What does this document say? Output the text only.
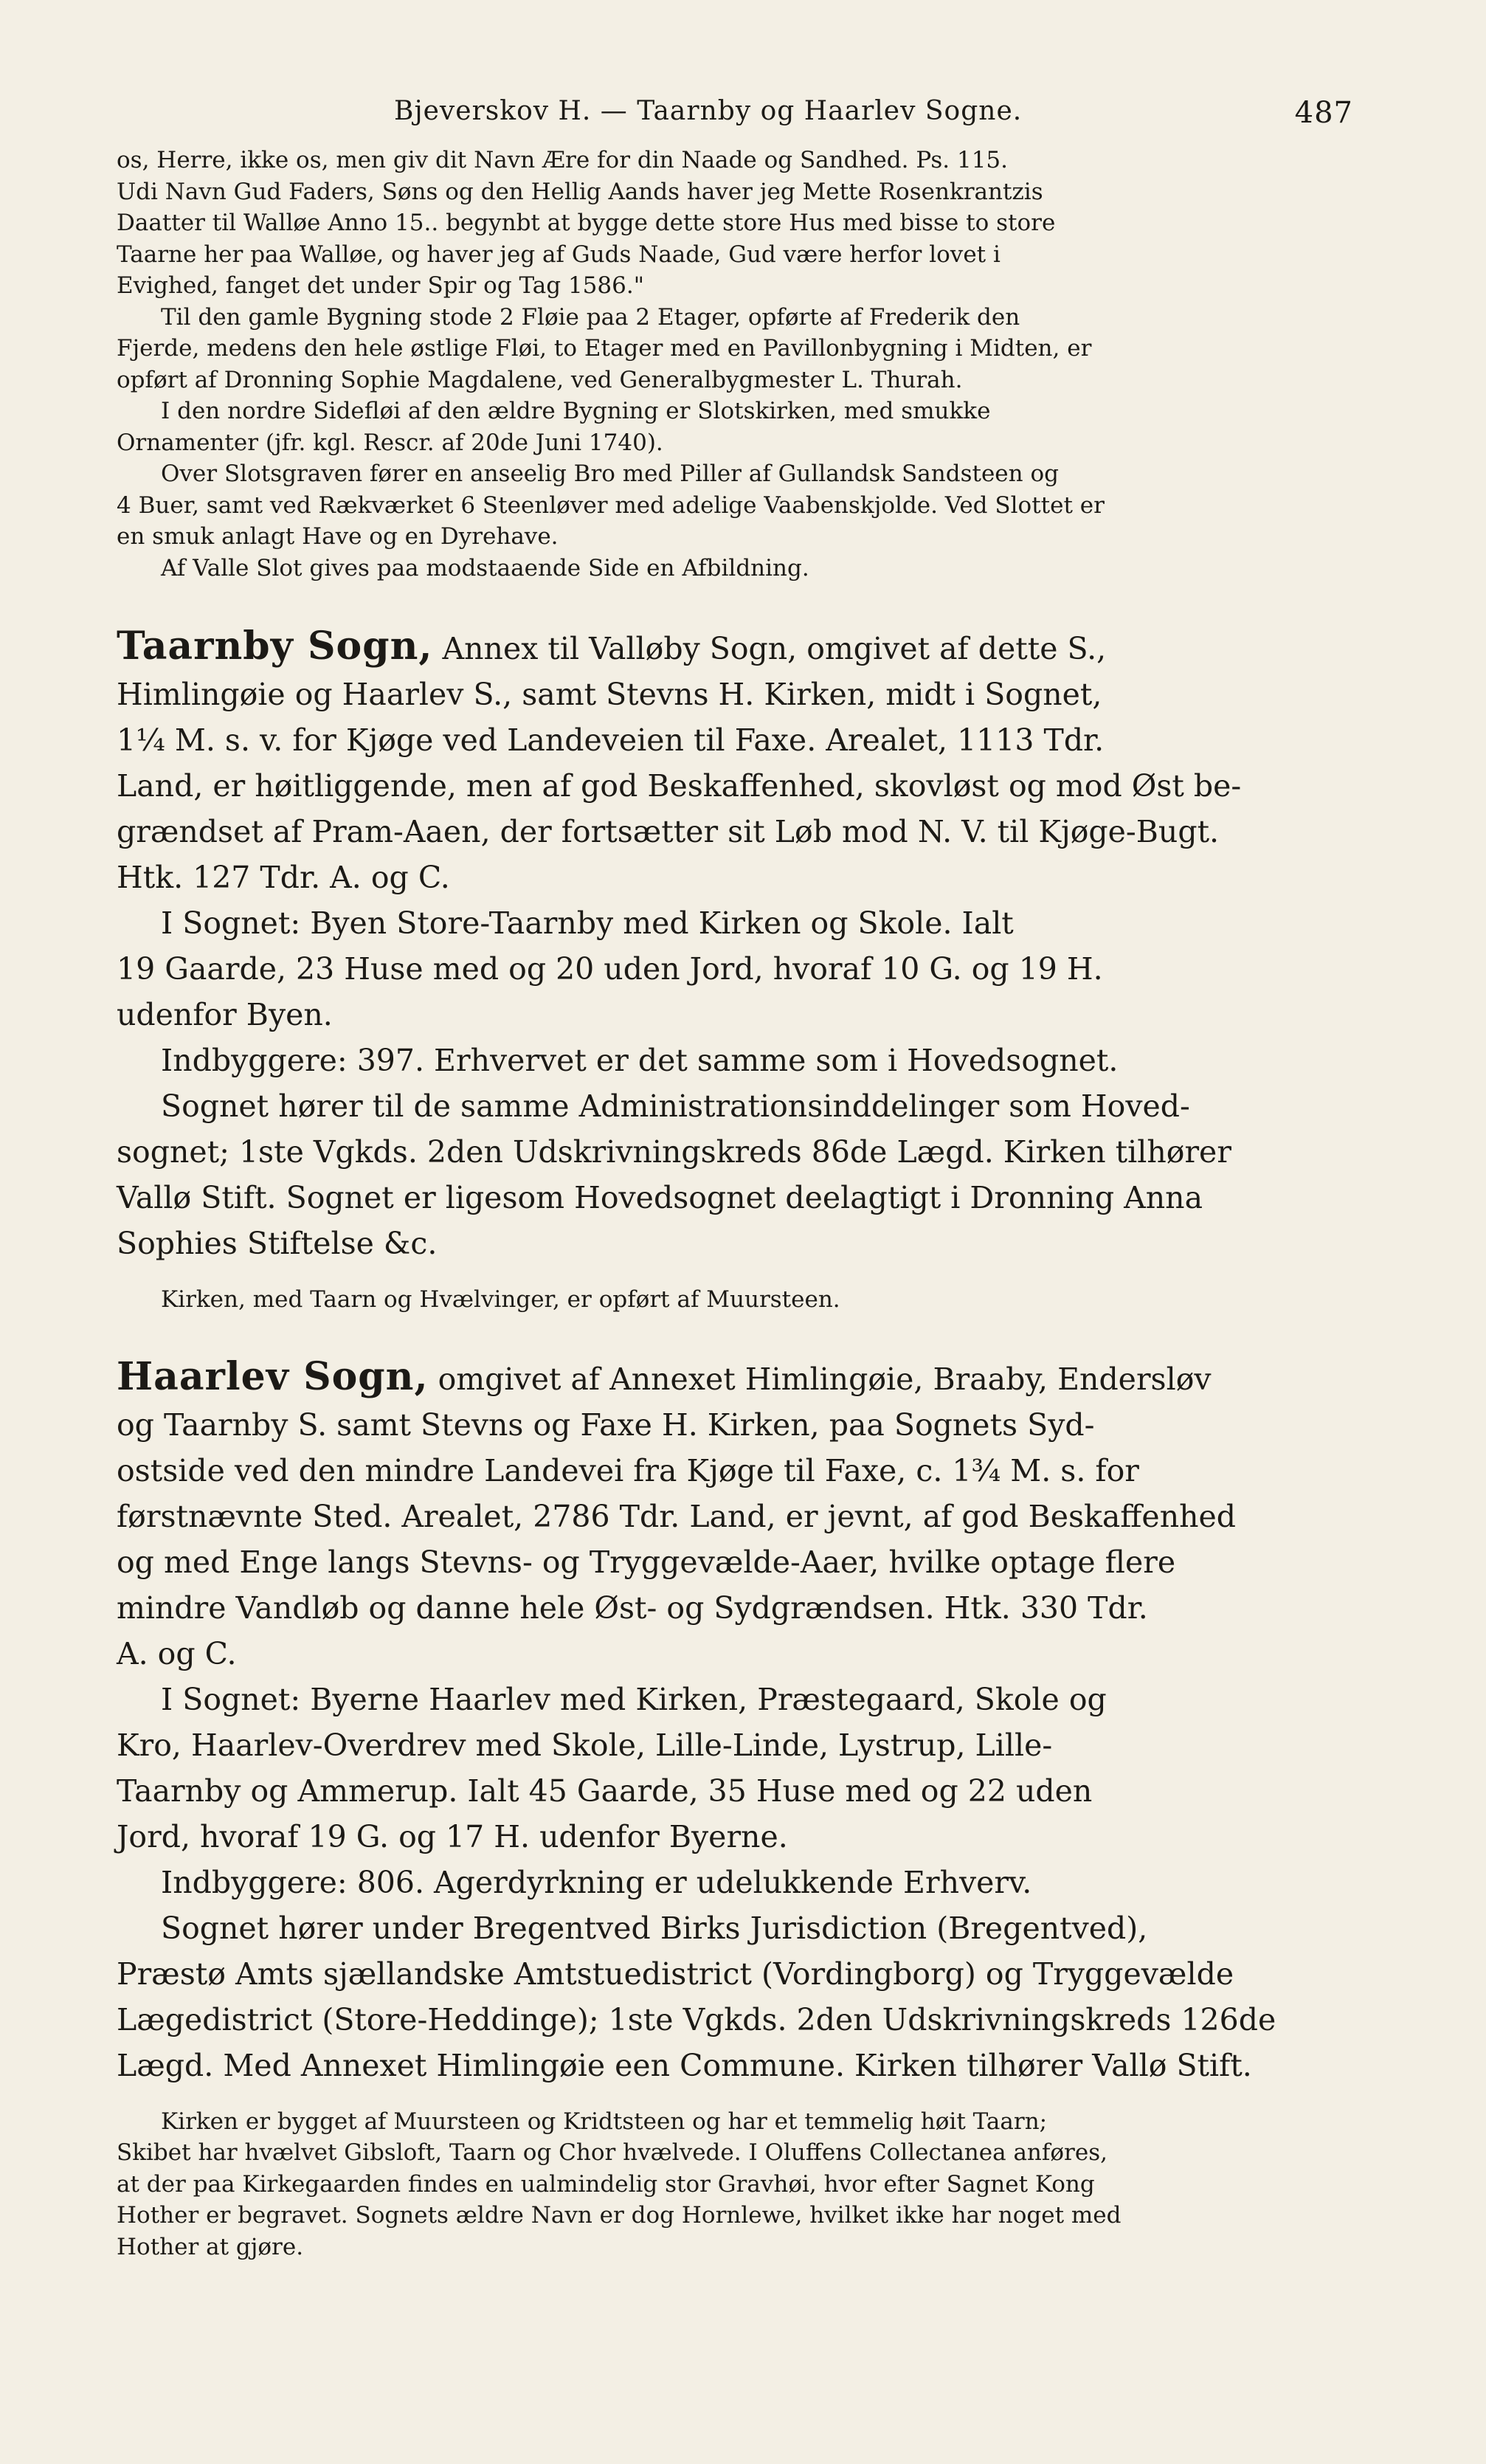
Bjeverskov H. — Taarnby og Haarlev Sogne.	487

os, Herre, ikke os, men giv dit Navn Ære for din Naade og Sandhed. Ps. 115.

Udi Navn Gud Faders, Søns og den Hellig Aands haver jeg Mette Rosenkrantzis

Daatter til Walløe Anno 15.. begynbt at bygge dette store Hus med bisse to store

Taarne her paa Walløe, og haver jeg af Guds Naade, Gud være herfor lovet i

Evighed, fanget det under Spir og Tag 1586."

Til den gamle Bygning stode 2 Fløie paa 2 Etager, opførte af Frederik den

Fjerde, medens den hele østlige Fløi, to Etager med en Pavillonbygning i Midten, er

opført af Dronning Sophie Magdalene, ved Generalbygmester L. Thurah.

I den nordre Sidefløi af den ældre Bygning er Slotskirken, med smukke

Ornamenter (jfr. kgl. Rescr. af 20de Juni 1740).

Over Slotsgraven fører en anseelig Bro med Piller af Gullandsk Sandsteen og

4 Buer, samt ved Rækværket 6 Steenløver med adelige Vaabenskjolde. Ved Slottet er

en smuk anlagt Have og en Dyrehave.

Af Valle Slot gives paa modstaaende Side en Afbildning.

Taarnby Sogn, Annex til Valløby Sogn, omgivet af dette S.,

Himlingøie og Haarlev S., samt Stevns H. Kirken, midt i Sognet,

1¼ M. s. v. for Kjøge ved Landeveien til Faxe. Arealet, 1113 Tdr.

Land, er høitliggende, men af god Beskaffenhed, skovløst og mod Øst be-

grændset af Pram-Aaen, der fortsætter sit Løb mod N. V. til Kjøge-Bugt.

Htk. 127 Tdr. A. og C.

I Sognet: Byen Store-Taarnby med Kirken og Skole. Ialt

19 Gaarde, 23 Huse med og 20 uden Jord, hvoraf 10 G. og 19 H.

udenfor Byen.

Indbyggere: 397. Erhvervet er det samme som i Hovedsognet.

Sognet hører til de samme Administrationsinddelinger som Hoved-

sognet; 1ste Vgkds. 2den Udskrivningskreds 86de Lægd. Kirken tilhører

Vallø Stift. Sognet er ligesom Hovedsognet deelagtigt i Dronning Anna

Sophies Stiftelse &c.

Kirken, med Taarn og Hvælvinger, er opført af Muursteen.

Haarlev Sogn, omgivet af Annexet Himlingøie, Braaby, Endersløv

og Taarnby S. samt Stevns og Faxe H. Kirken, paa Sognets Syd-

ostside ved den mindre Landevei fra Kjøge til Faxe, c. 1¾ M. s. for

førstnævnte Sted. Arealet, 2786 Tdr. Land, er jevnt, af god Beskaffenhed

og med Enge langs Stevns- og Tryggevælde-Aaer, hvilke optage flere

mindre Vandløb og danne hele Øst- og Sydgrændsen. Htk. 330 Tdr.

A. og C.

I Sognet: Byerne Haarlev med Kirken, Præstegaard, Skole og

Kro, Haarlev-Overdrev med Skole, Lille-Linde, Lystrup, Lille-

Taarnby og Ammerup. Ialt 45 Gaarde, 35 Huse med og 22 uden

Jord, hvoraf 19 G. og 17 H. udenfor Byerne.

Indbyggere: 806. Agerdyrkning er udelukkende Erhverv.

Sognet hører under Bregentved Birks Jurisdiction (Bregentved),

Præstø Amts sjællandske Amtstuedistrict (Vordingborg) og Tryggevælde

Lægedistrict (Store-Heddinge); 1ste Vgkds. 2den Udskrivningskreds 126de

Lægd. Med Annexet Himlingøie een Commune. Kirken tilhører Vallø Stift.

Kirken er bygget af Muursteen og Kridtsteen og har et temmelig høit Taarn;

Skibet har hvælvet Gibsloft, Taarn og Chor hvælvede. I Oluffens Collectanea anføres,

at der paa Kirkegaarden findes en ualmindelig stor Gravhøi, hvor efter Sagnet Kong

Hother er begravet. Sognets ældre Navn er dog Hornlewe, hvilket ikke har noget med

Hother at gjøre.
